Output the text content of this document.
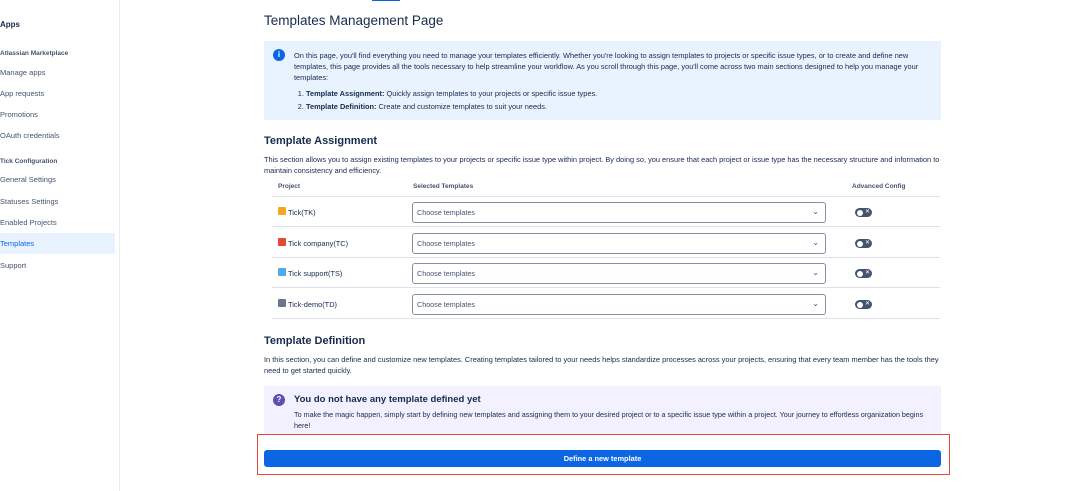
Apps
Atlassian Marketplace
Manage apps
App requests
Promotions
OAuth credentials
Tick Configuration
General Settings
Statuses Settings
Enabled Projects
Templates
Support
Templates Management Page
i	On this page, you'll find everything you need to manage your templates efficiently. Whether you're looking to assign templates to projects or specific issue types, or to create and define new templates, this page provides all the tools necessary to help streamline your workflow. As you scroll through this page, you'll come across two main sections designed to help you manage your templates:

1. Template Assignment: Quickly assign templates to your projects or specific issue types.
2. Template Definition: Create and customize templates to suit your needs.
Template Assignment

This section allows you to assign existing templates to your projects or specific issue type within project. By doing so, you ensure that each project or issue type has the necessary structure and information to maintain consistency and efficiency.

Project	Selected Templates	Advanced Config
Tick(TK)	Choose templates	⌄	✕
Tick company(TC)	Choose templates	⌄	✕
Tick support(TS)	Choose templates	⌄	✕
Tick-demo(TD)	Choose templates	⌄	✕
Template Definition

In this section, you can define and customize new templates. Creating templates tailored to your needs helps standardize processes across your projects, ensuring that every team member has the tools they need to get started quickly.

?	You do not have any template defined yet

To make the magic happen, simply start by defining new templates and assigning them to your desired project or to a specific issue type within a project. Your journey to effortless organization begins here!

Define a new template
